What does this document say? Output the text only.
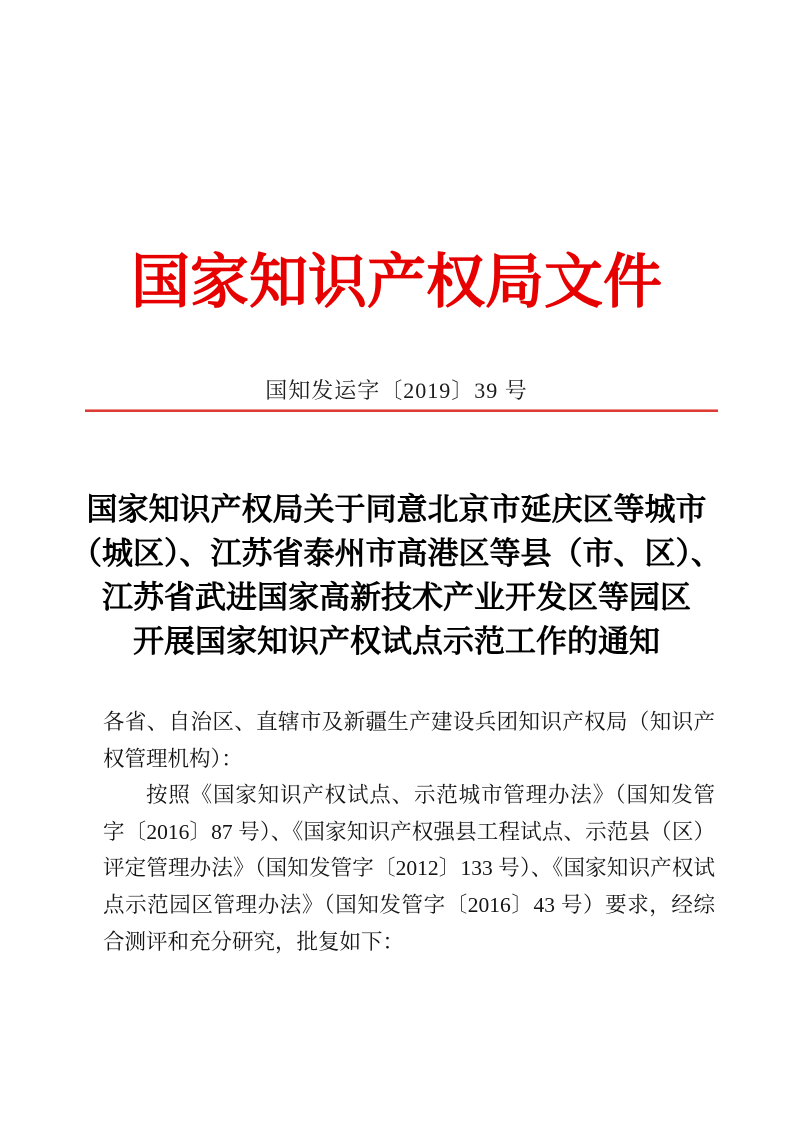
国家知识产权局文件
国知发运字〔2019〕39 号
国家知识产权局关于同意北京市延庆区等城市
（城区）、江苏省泰州市高港区等县（市、区）、
江苏省武进国家高新技术产业开发区等园区
开展国家知识产权试点示范工作的通知

各省、自治区、直辖市及新疆生产建设兵团知识产权局（知识产权管理机构）：

按照《国家知识产权试点、示范城市管理办法》（国知发管字〔2016〕87 号）、《国家知识产权强县工程试点、示范县（区）评定管理办法》（国知发管字〔2012〕133 号）、《国家知识产权试点示范园区管理办法》（国知发管字〔2016〕43 号）要求，经综合测评和充分研究，批复如下：
